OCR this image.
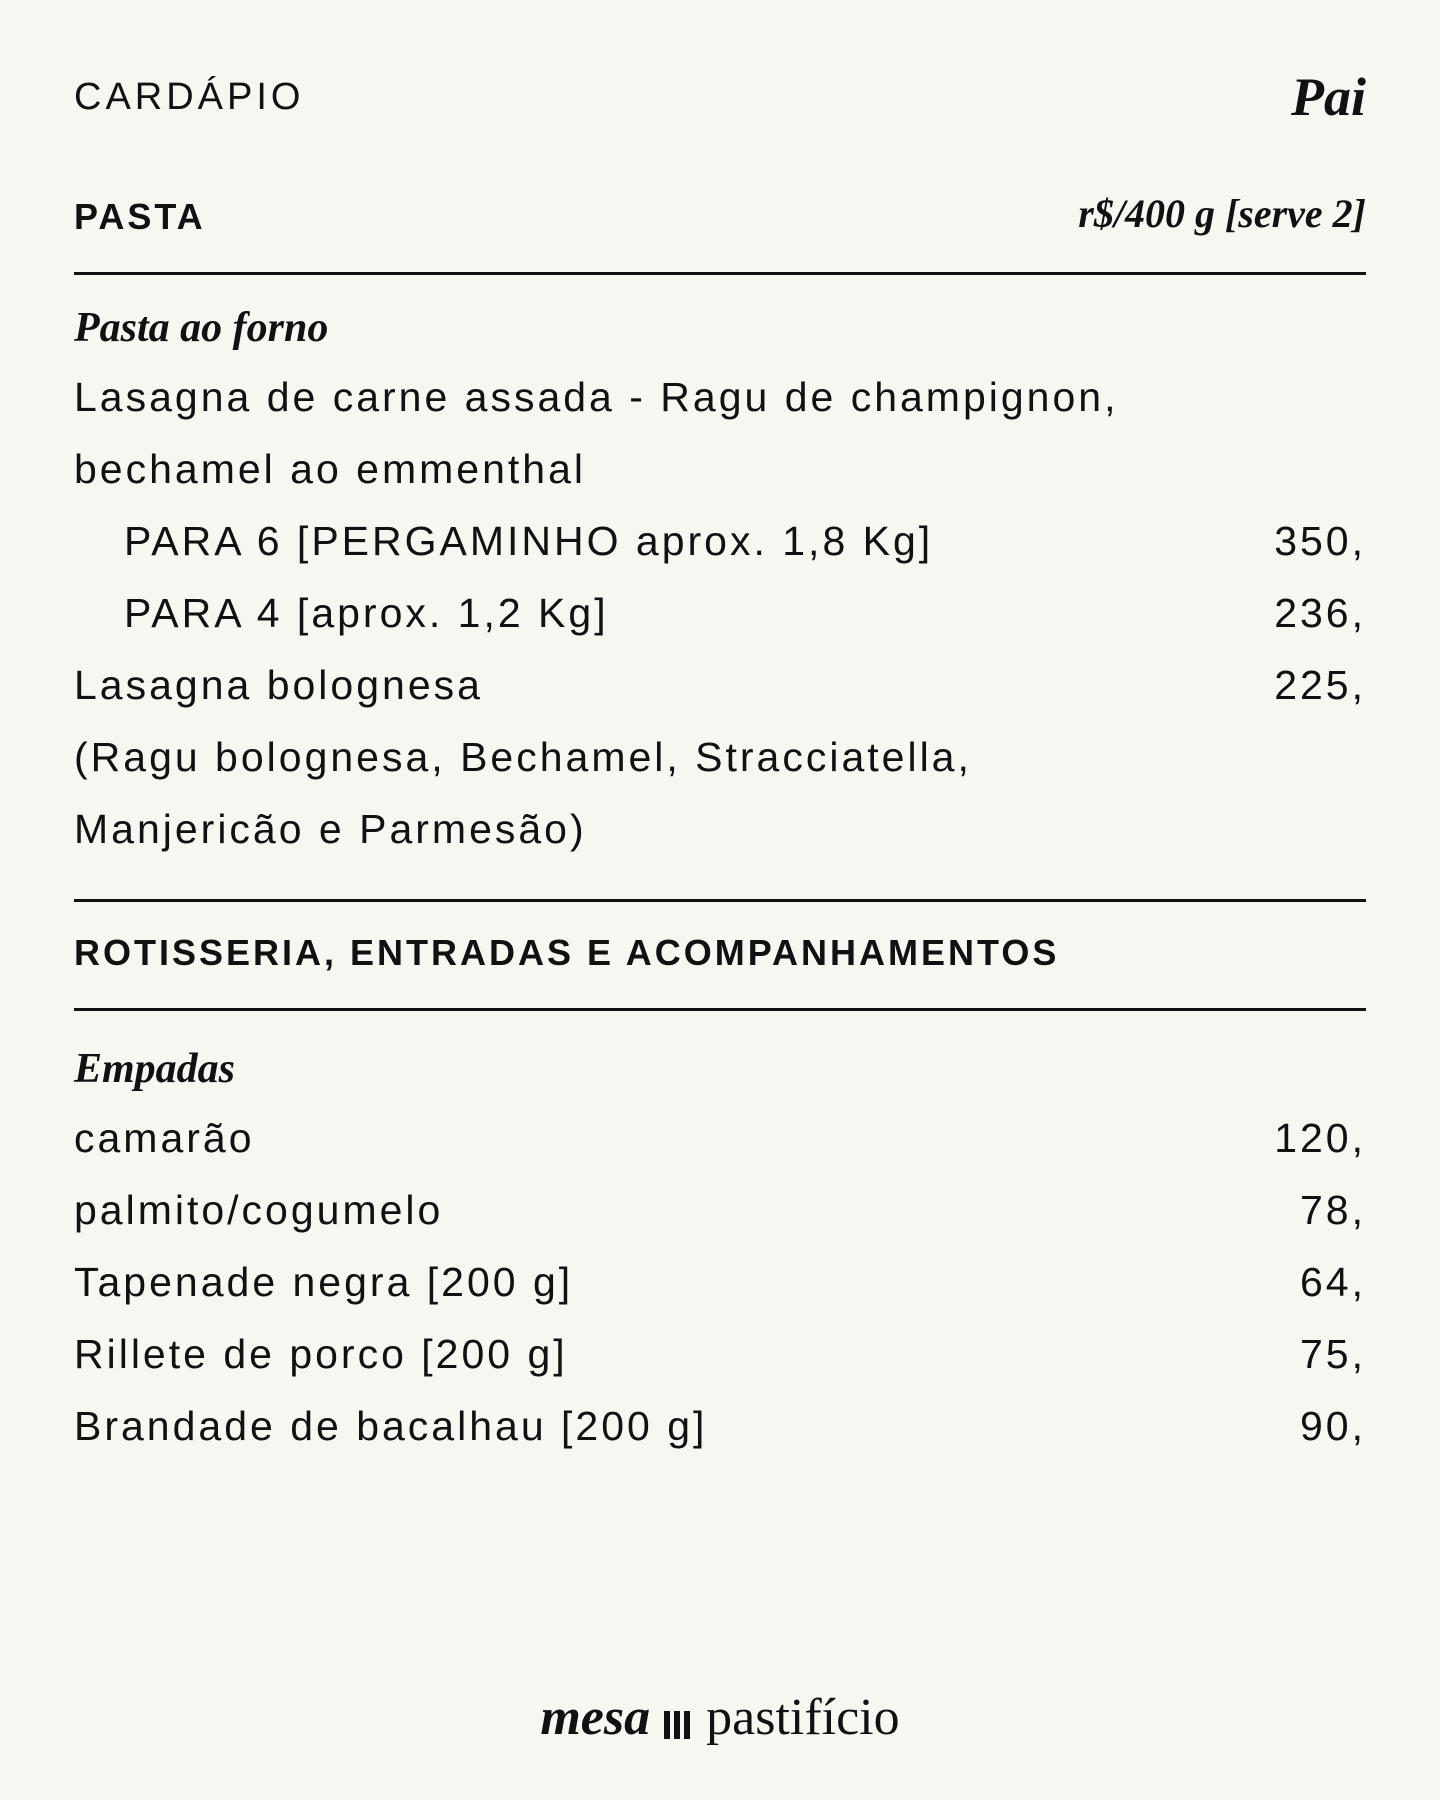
CARDÁPIO	Pai
PASTA	r$/400 g [serve 2]
Pasta ao forno
Lasagna de carne assada - Ragu de champignon,
bechamel ao emmenthal
PARA 6 [PERGAMINHO aprox. 1,8 Kg]	350,
PARA 4 [aprox. 1,2 Kg]	236,
Lasagna bolognesa	225,
(Ragu bolognesa, Bechamel, Stracciatella,
Manjericão e Parmesão)
ROTISSERIA, ENTRADAS E ACOMPANHAMENTOS
Empadas
camarão	120,
palmito/cogumelo	78,
Tapenade negra [200 g]	64,
Rillete de porco [200 g]	75,
Brandade de bacalhau [200 g]	90,
mesa pastifício
